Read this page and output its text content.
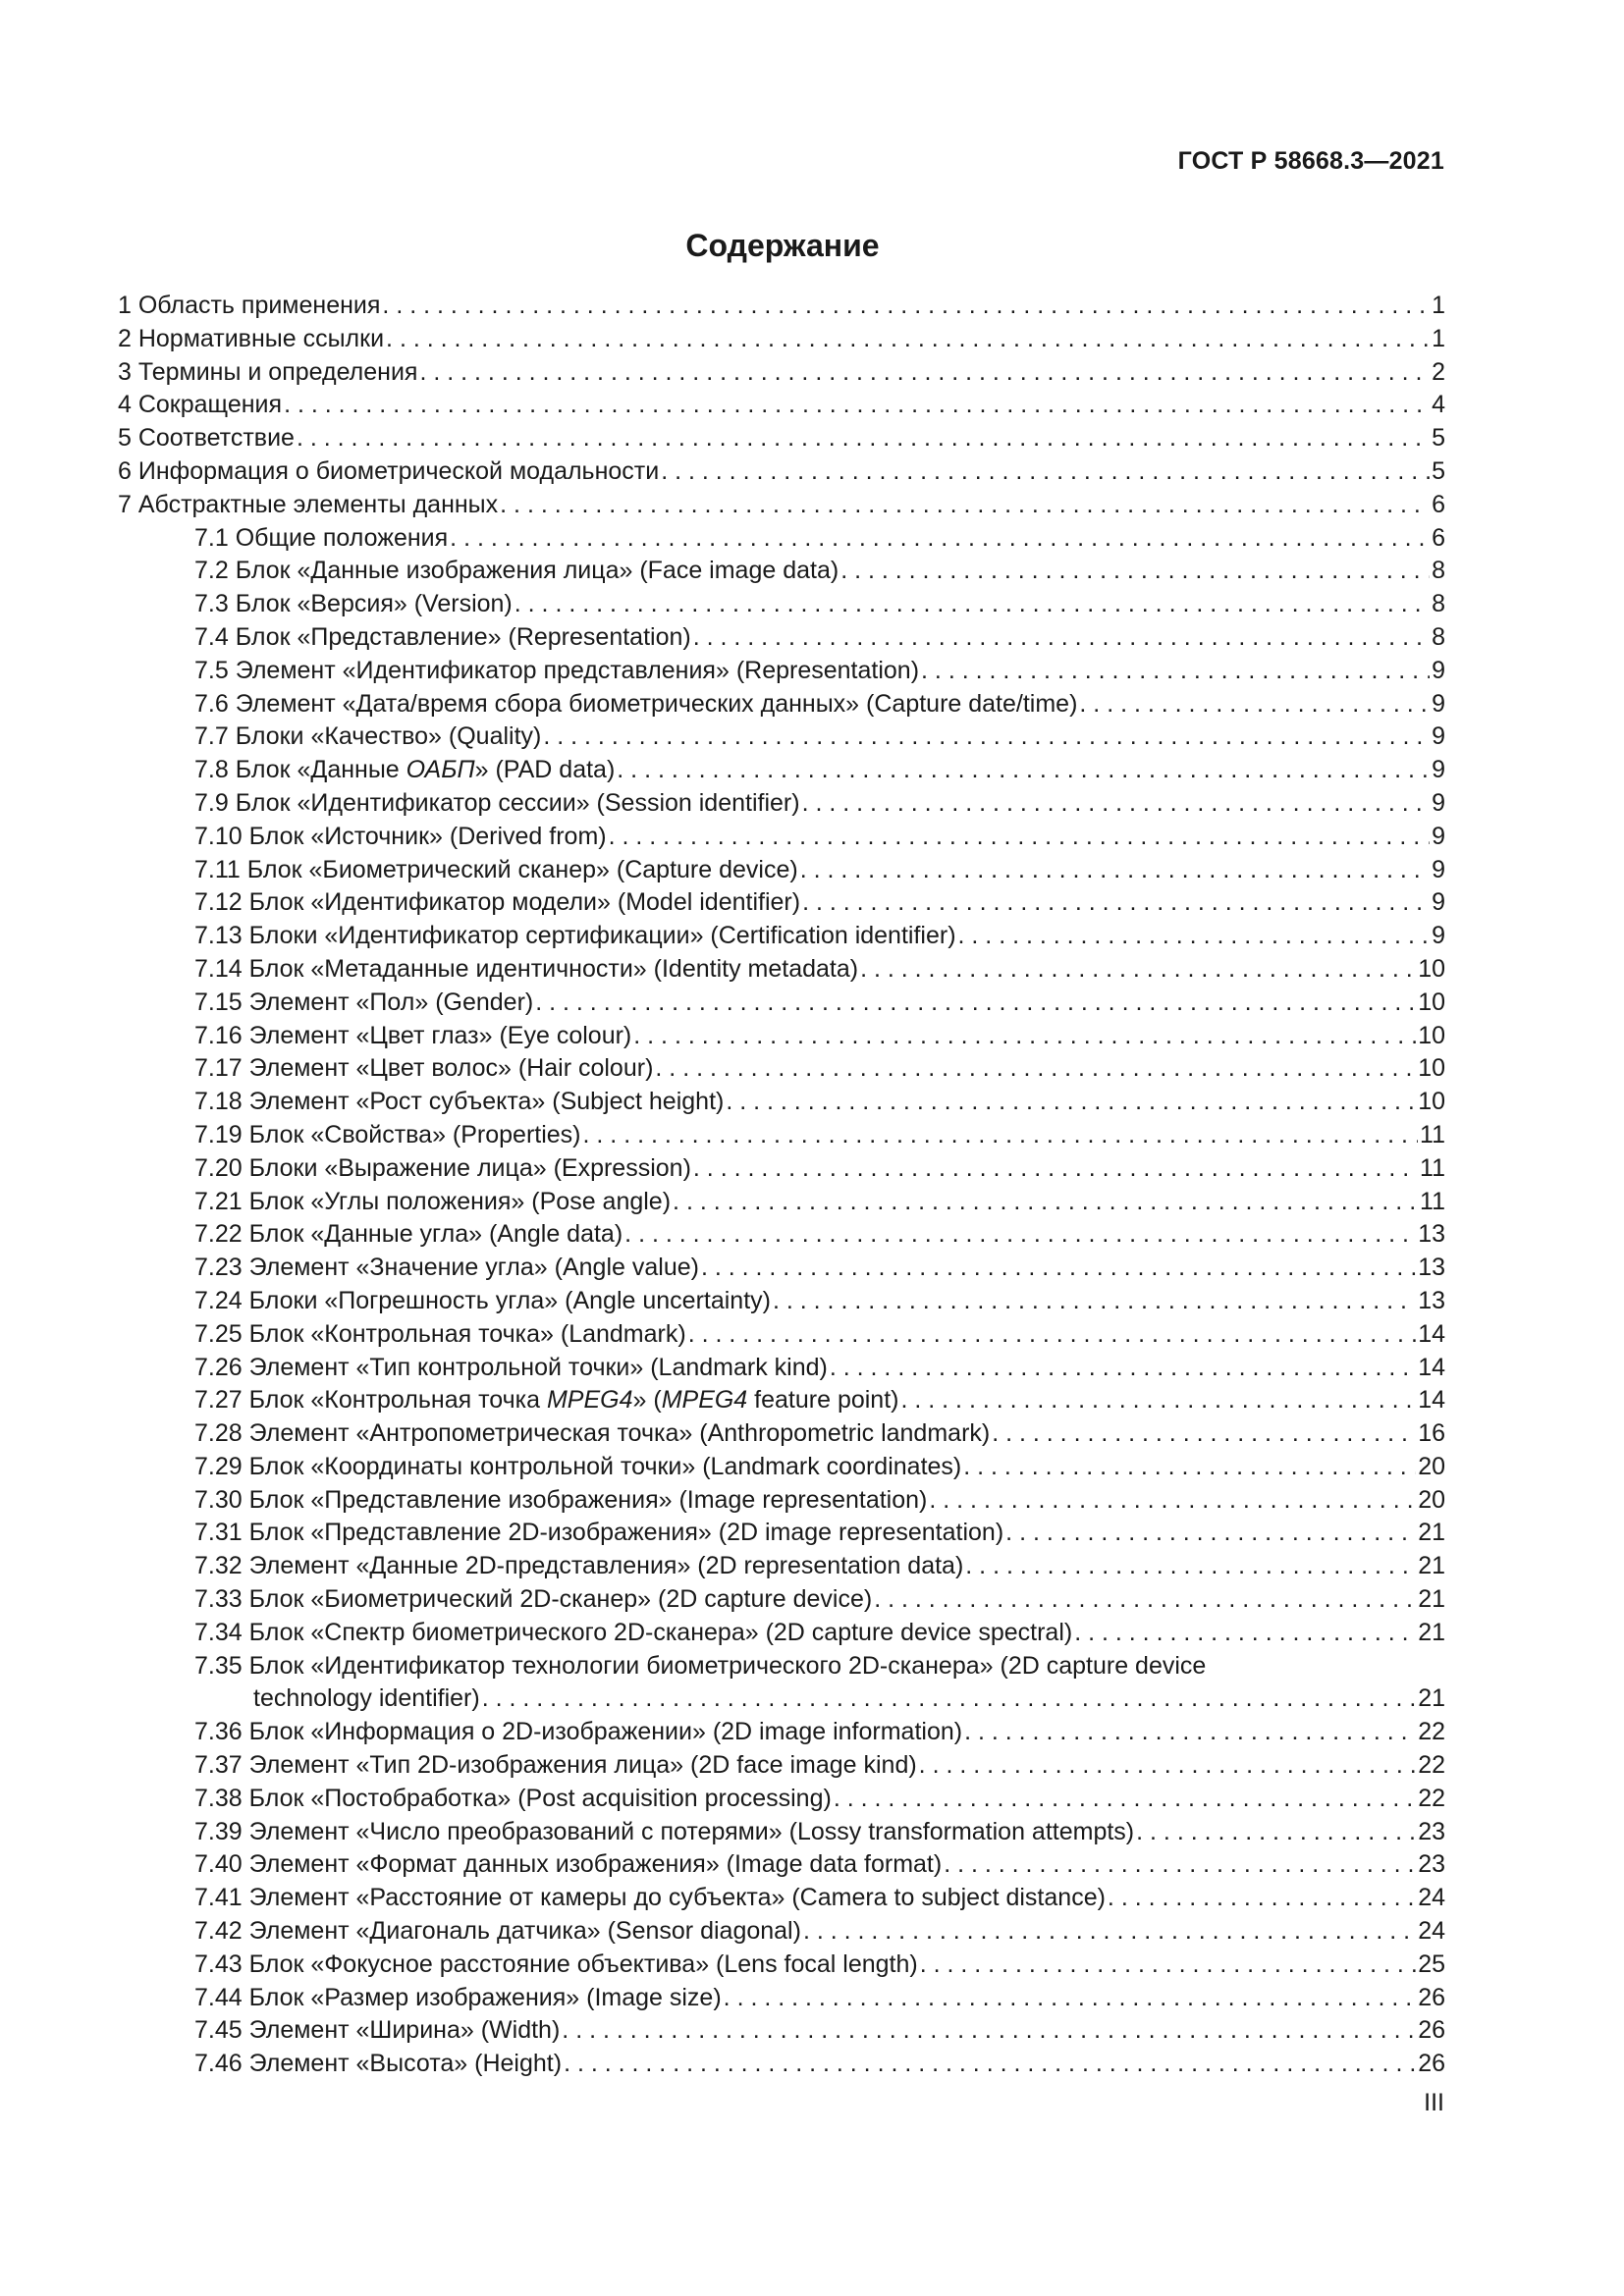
ГОСТ Р 58668.3—2021
Содержание
1 Область применения . . .	1
2 Нормативные ссылки . . .	1
3 Термины и определения . . .	2
4 Сокращения . . .	4
5 Соответствие . . .	5
6 Информация о биометрической модальности . . .	5
7 Абстрактные элементы данных . . .	6
7.1 Общие положения . . .	6
7.2 Блок «Данные изображения лица» (Face image data) . . .	8
7.3 Блок «Версия» (Version) . . .	8
7.4 Блок «Представление» (Representation) . . .	8
7.5 Элемент «Идентификатор представления» (Representation) . . .	9
7.6 Элемент «Дата/время сбора биометрических данных» (Capture date/time) . . .	9
7.7 Блоки «Качество» (Quality) . . .	9
7.8 Блок «Данные ОАБП» (PAD data) . . .	9
7.9 Блок «Идентификатор сессии» (Session identifier) . . .	9
7.10 Блок «Источник» (Derived from) . . .	9
7.11 Блок «Биометрический сканер» (Capture device) . . .	9
7.12 Блок «Идентификатор модели» (Model identifier) . . .	9
7.13 Блоки «Идентификатор сертификации» (Certification identifier) . . .	9
7.14 Блок «Метаданные идентичности» (Identity metadata) . . .	10
7.15 Элемент «Пол» (Gender) . . .	10
7.16 Элемент «Цвет глаз» (Eye colour) . . .	10
7.17 Элемент «Цвет волос» (Hair colour) . . .	10
7.18 Элемент «Рост субъекта» (Subject height) . . .	10
7.19 Блок «Свойства» (Properties) . . .	11
7.20 Блоки «Выражение лица» (Expression) . . .	11
7.21 Блок «Углы положения» (Pose angle) . . .	11
7.22 Блок «Данные угла» (Angle data) . . .	13
7.23 Элемент «Значение угла» (Angle value) . . .	13
7.24 Блоки «Погрешность угла» (Angle uncertainty) . . .	13
7.25 Блок «Контрольная точка» (Landmark) . . .	14
7.26 Элемент «Тип контрольной точки» (Landmark kind) . . .	14
7.27 Блок «Контрольная точка MPEG4» (MPEG4 feature point) . . .	14
7.28 Элемент «Антропометрическая точка» (Anthropometric landmark) . . .	16
7.29 Блок «Координаты контрольной точки» (Landmark coordinates) . . .	20
7.30 Блок «Представление изображения» (Image representation) . . .	20
7.31 Блок «Представление 2D-изображения» (2D image representation) . . .	21
7.32 Элемент «Данные 2D-представления» (2D representation data) . . .	21
7.33 Блок «Биометрический 2D-сканер» (2D capture device) . . .	21
7.34 Блок «Спектр биометрического 2D-сканера» (2D capture device spectral) . . .	21
7.35 Блок «Идентификатор технологии биометрического 2D-сканера» (2D capture device
technology identifier) . . .	21
7.36 Блок «Информация о 2D-изображении» (2D image information) . . .	22
7.37 Элемент «Тип 2D-изображения лица» (2D face image kind) . . .	22
7.38 Блок «Постобработка» (Post acquisition processing) . . .	22
7.39 Элемент «Число преобразований с потерями» (Lossy transformation attempts) . . .	23
7.40 Элемент «Формат данных изображения» (Image data format) . . .	23
7.41 Элемент «Расстояние от камеры до субъекта» (Camera to subject distance) . . .	24
7.42 Элемент «Диагональ датчика» (Sensor diagonal) . . .	24
7.43 Блок «Фокусное расстояние объектива» (Lens focal length) . . .	25
7.44 Блок «Размер изображения» (Image size) . . .	26
7.45 Элемент «Ширина» (Width) . . .	26
7.46 Элемент «Высота» (Height) . . .	26
III
